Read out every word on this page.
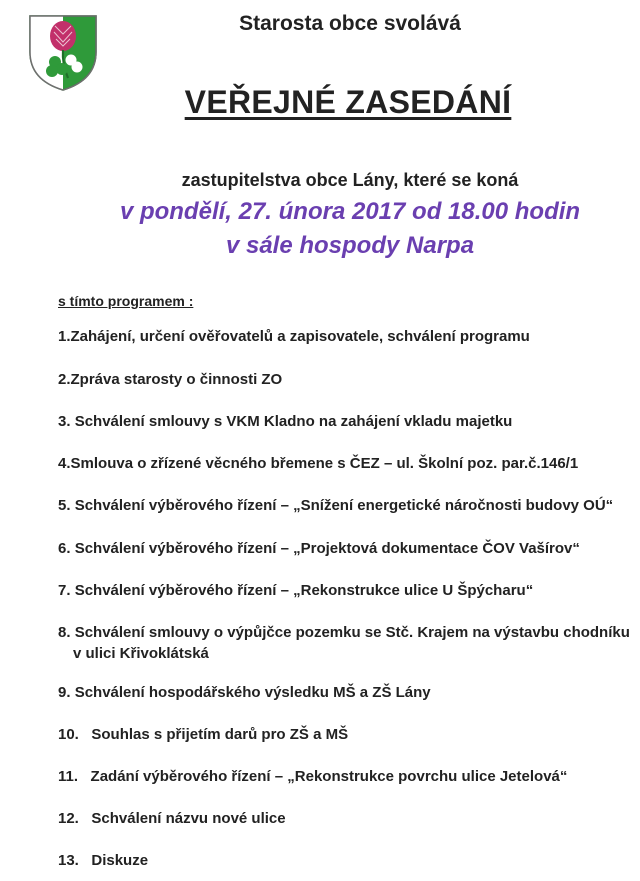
Starosta obce svolává
VEŘEJNÉ ZASEDÁNÍ
zastupitelstva obce Lány, které se koná
v pondělí, 27. února 2017 od 18.00 hodin
v sále hospody Narpa
s tímto programem :
1.Zahájení, určení ověřovatelů a zapisovatele, schválení programu
2.Zpráva starosty o činnosti ZO
3. Schválení smlouvy s VKM Kladno na zahájení vkladu majetku
4.Smlouva o zřízené věcného břemene s ČEZ – ul. Školní poz. par.č.146/1
5. Schválení výběrového řízení – „Snížení energetické náročnosti budovy OÚ“
6. Schválení výběrového řízení – „Projektová dokumentace ČOV Vašírov“
7. Schválení výběrového řízení – „Rekonstrukce ulice U Špýcharu“
8. Schválení smlouvy o výpůjčce pozemku se Stč. Krajem na výstavbu chodníku
v ulici Křivoklátská
9. Schválení hospodářského výsledku MŠ a ZŠ Lány
10. Souhlas s přijetím darů pro ZŠ a MŠ
11. Zadání výběrového řízení – „Rekonstrukce povrchu ulice Jetelová“
12. Schválení názvu nové ulice
13. Diskuze
